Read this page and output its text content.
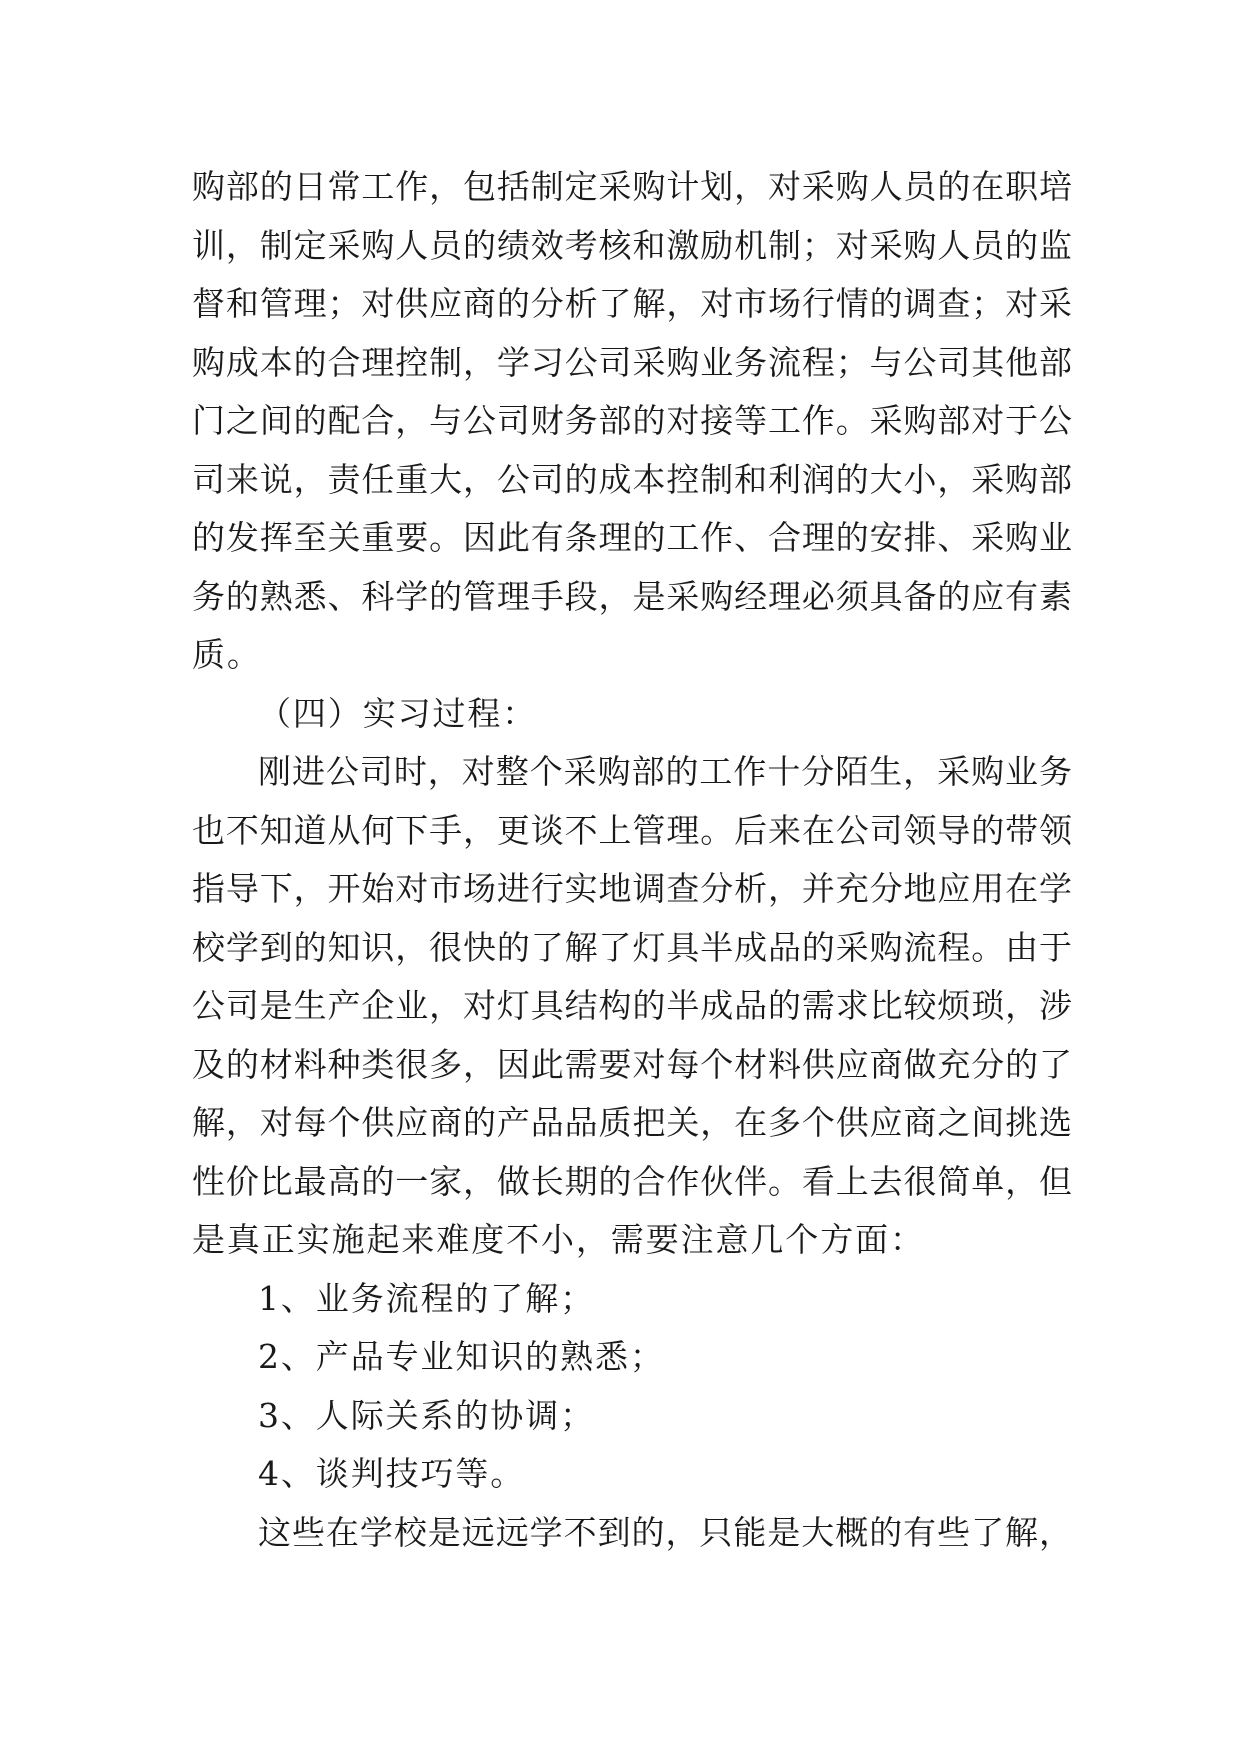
购部的日常工作，包括制定采购计划，对采购人员的在职培
训，制定采购人员的绩效考核和激励机制；对采购人员的监
督和管理；对供应商的分析了解，对市场行情的调查；对采
购成本的合理控制，学习公司采购业务流程；与公司其他部
门之间的配合，与公司财务部的对接等工作。采购部对于公
司来说，责任重大，公司的成本控制和利润的大小，采购部
的发挥至关重要。因此有条理的工作、合理的安排、采购业
务的熟悉、科学的管理手段，是采购经理必须具备的应有素
质。
（四）实习过程：
刚进公司时，对整个采购部的工作十分陌生，采购业务
也不知道从何下手，更谈不上管理。后来在公司领导的带领
指导下，开始对市场进行实地调查分析，并充分地应用在学
校学到的知识，很快的了解了灯具半成品的采购流程。由于
公司是生产企业，对灯具结构的半成品的需求比较烦琐，涉
及的材料种类很多，因此需要对每个材料供应商做充分的了
解，对每个供应商的产品品质把关，在多个供应商之间挑选
性价比最高的一家，做长期的合作伙伴。看上去很简单，但
是真正实施起来难度不小，需要注意几个方面：
1、业务流程的了解；
2、产品专业知识的熟悉；
3、人际关系的协调；
4、谈判技巧等。
这些在学校是远远学不到的，只能是大概的有些了解，
